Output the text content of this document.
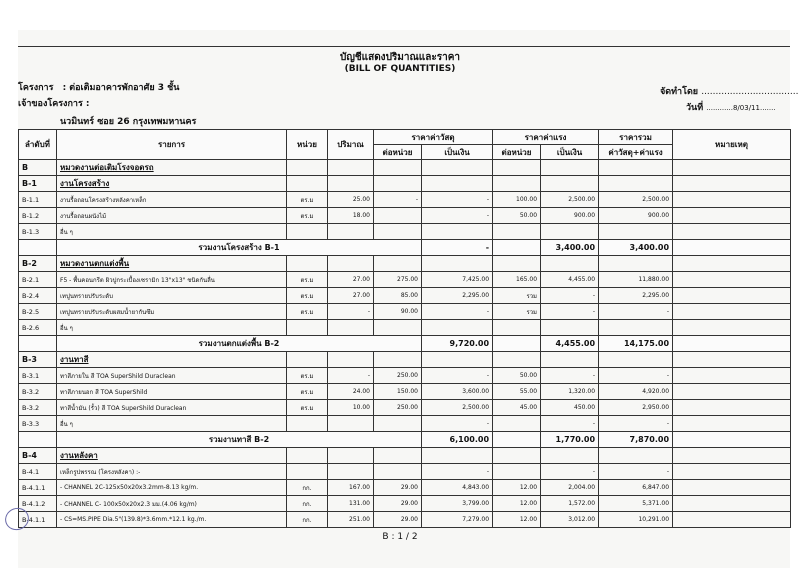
บัญชีแสดงปริมาณและราคา
(BILL OF QUANTITIES)
โครงการ : ต่อเติมอาคารพักอาศัย 3 ชั้น
เจ้าของโครงการ :
นวมินทร์ ซอย 26 กรุงเทพมหานคร
จัดทำโดย ..................................
วันที่ ............8/03/11.......
ลำดับที่	รายการ	หน่วย	ปริมาณ	ราคาค่าวัสดุ		ราคาค่าแรง		ราคารวม	หมายเหตุ
				ต่อหน่วย	เป็นเงิน	ต่อหน่วย	เป็นเงิน	ค่าวัสดุ+ค่าแรง	
B	หมวดงานต่อเติมโรงจอดรถ								
B-1	งานโครงสร้าง								
B-1.1	งานรื้อถอนโครงสร้างหลังคาเหล็ก	ตร.ม	25.00	-	-	100.00	2,500.00	2,500.00	
B-1.2	งานรื้อถอนผนังไม้	ตร.ม	18.00		-	50.00	900.00	900.00	
B-1.3	อื่น ๆ								
	รวมงานโครงสร้าง B-1				-		3,400.00	3,400.00	
B-2	หมวดงานตกแต่งพื้น								
B-2.1	F5 - พื้นคอนกรีต ผิวปูกระเบื้องเซรามิก 13"x13" ชนิดกันลื่น	ตร.ม	27.00	275.00	7,425.00	165.00	4,455.00	11,880.00	
B-2.4	เทปูนทรายปรับระดับ	ตร.ม	27.00	85.00	2,295.00	รวม	-	2,295.00	
B-2.5	เทปูนทรายปรับระดับผสมน้ำยากันซึม	ตร.ม	-	90.00	-	รวม	-	-	
B-2.6	อื่น ๆ								
	รวมงานตกแต่งพื้น B-2				9,720.00		4,455.00	14,175.00	
B-3	งานทาสี								
B-3.1	ทาสีภายใน สี TOA SuperShild Duraclean	ตร.ม	-	250.00	-	50.00	-	-	
B-3.2	ทาสีภายนอก สี TOA SuperShild	ตร.ม	24.00	150.00	3,600.00	55.00	1,320.00	4,920.00	
B-3.2	ทาสีน้ำมัน (รั้ว) สี TOA SuperShild Duraclean	ตร.ม	10.00	250.00	2,500.00	45.00	450.00	2,950.00	
B-3.3	อื่น ๆ				-		-	-	
	รวมงานทาสี B-2				6,100.00		1,770.00	7,870.00	
B-4	งานหลังคา								
B-4.1	เหล็กรูปพรรณ (โครงหลังคา) :-				-		-	-	
B-4.1.1	- CHANNEL 2C-125x50x20x3.2mm-8.13 kg/m.	กก.	167.00	29.00	4,843.00	12.00	2,004.00	6,847.00	
B-4.1.2	- CHANNEL C- 100x50x20x2.3 มม.(4.06 kg/m)	กก.	131.00	29.00	3,799.00	12.00	1,572.00	5,371.00	
B-4.1.1	- CS=MS.PIPE Dia.5"(139.8)*3.6mm.*12.1 kg./m.	กก.	251.00	29.00	7,279.00	12.00	3,012.00	10,291.00	
B : 1 / 2
